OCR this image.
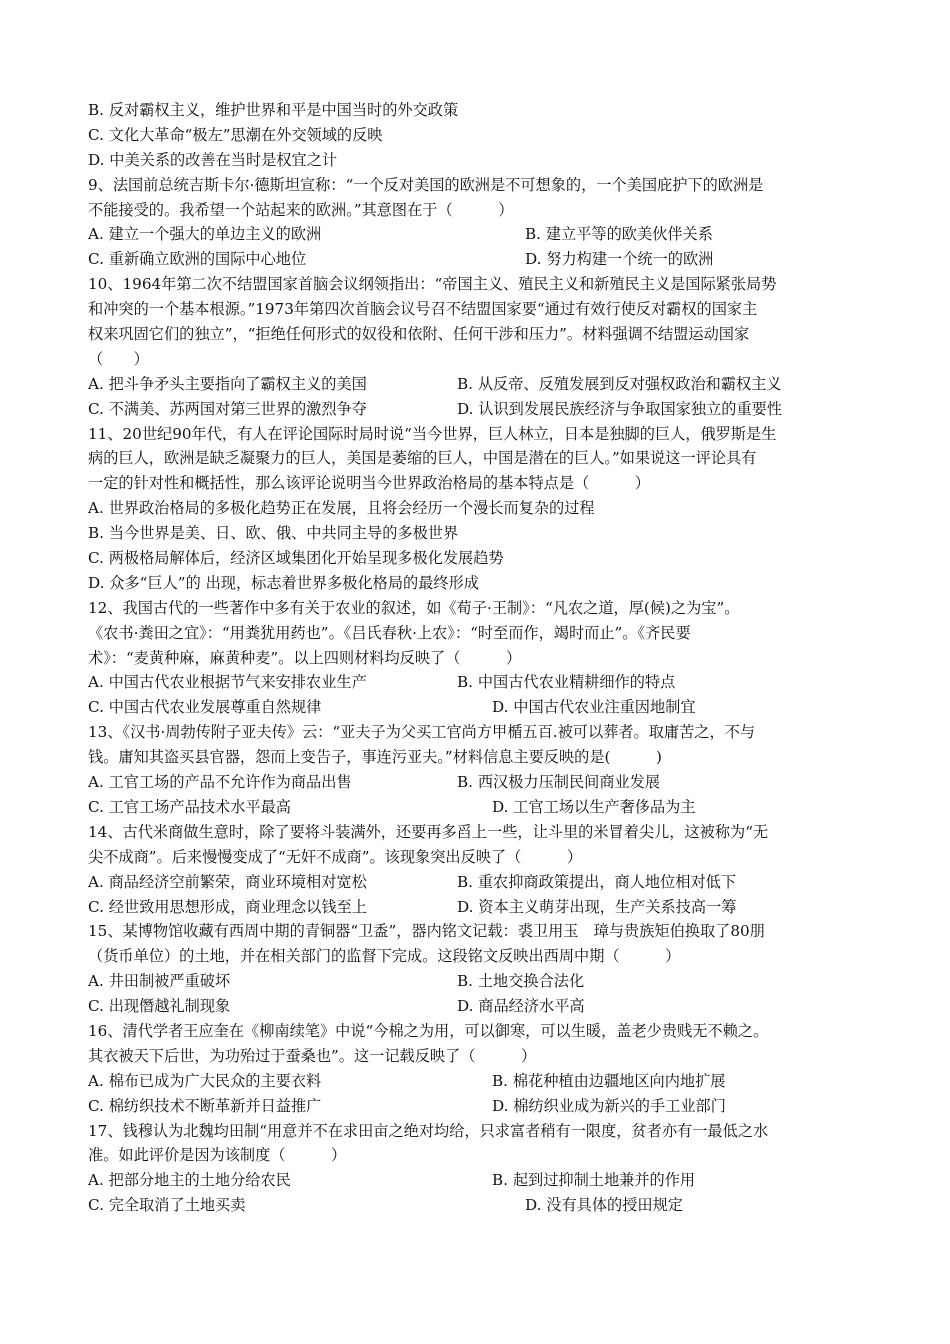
B. 反对霸权主义，维护世界和平是中国当时的外交政策
C. 文化大革命“极左”思潮在外交领域的反映
D. 中美关系的改善在当时是权宜之计
9、法国前总统吉斯卡尔·德斯坦宣称：“一个反对美国的欧洲是不可想象的，一个美国庇护下的欧洲是
不能接受的。我希望一个站起来的欧洲。”其意图在于（　　　）
A. 建立一个强大的单边主义的欧洲	B. 建立平等的欧美伙伴关系
C. 重新确立欧洲的国际中心地位	D. 努力构建一个统一的欧洲
10、1964年第二次不结盟国家首脑会议纲领指出：“帝国主义、殖民主义和新殖民主义是国际紧张局势
和冲突的一个基本根源。”1973年第四次首脑会议号召不结盟国家要“通过有效行使反对霸权的国家主
权来巩固它们的独立”，“拒绝任何形式的奴役和依附、任何干涉和压力”。材料强调不结盟运动国家
（　　）
A. 把斗争矛头主要指向了霸权主义的美国	B. 从反帝、反殖发展到反对强权政治和霸权主义
C. 不满美、苏两国对第三世界的激烈争夺	D. 认识到发展民族经济与争取国家独立的重要性
11、20世纪90年代，有人在评论国际时局时说“当今世界，巨人林立，日本是独脚的巨人，俄罗斯是生
病的巨人，欧洲是缺乏凝聚力的巨人，美国是萎缩的巨人，中国是潜在的巨人。”如果说这一评论具有
一定的针对性和概括性，那么该评论说明当今世界政治格局的基本特点是（　　　）
A. 世界政治格局的多极化趋势正在发展，且将会经历一个漫长而复杂的过程
B. 当今世界是美、日、欧、俄、中共同主导的多极世界
C. 两极格局解体后，经济区域集团化开始呈现多极化发展趋势
D. 众多“巨人”的 出现，标志着世界多极化格局的最终形成
12、我国古代的一些著作中多有关于农业的叙述，如《荀子·王制》：“凡农之道，厚(候)之为宝”。
《农书·粪田之宜》：“用粪犹用药也”。《吕氏春秋·上农》：“时至而作，竭时而止”。《齐民要
术》：“麦黄种麻，麻黄种麦”。以上四则材料均反映了（　　　）
A. 中国古代农业根据节气来安排农业生产	B. 中国古代农业精耕细作的特点
C. 中国古代农业发展尊重自然规律	D. 中国古代农业注重因地制宜
13、《汉书·周勃传附子亚夫传》云：“亚夫子为父买工官尚方甲楯五百.被可以葬者。取庸苦之，不与
钱。庸知其盗买县官器，怨而上变告子，事连污亚夫。”材料信息主要反映的是(　　　)
A. 工官工场的产品不允许作为商品出售	B. 西汉极力压制民间商业发展
C. 工官工场产品技术水平最高	D. 工官工场以生产奢侈品为主
14、古代米商做生意时，除了要将斗装满外，还要再多舀上一些，让斗里的米冒着尖儿，这被称为“无
尖不成商”。后来慢慢变成了“无奸不成商”。该现象突出反映了（　　　）
A. 商品经济空前繁荣，商业环境相对宽松	B. 重农抑商政策提出，商人地位相对低下
C. 经世致用思想形成，商业理念以钱至上	D. 资本主义萌芽出现，生产关系技高一筹
15、某博物馆收藏有西周中期的青铜器“卫盉”，器内铭文记载：裘卫用玉　璋与贵族矩伯换取了80朋
（货币单位）的土地，并在相关部门的监督下完成。这段铭文反映出西周中期（　　　）
A. 井田制被严重破坏	B. 土地交换合法化
C. 出现僭越礼制现象	D. 商品经济水平高
16、清代学者王应奎在《柳南续笔》中说“今棉之为用，可以御寒，可以生暖，盖老少贵贱无不赖之。
其衣被天下后世，为功殆过于蚕桑也”。这一记载反映了（　　　）
A. 棉布已成为广大民众的主要衣料	B. 棉花种植由边疆地区向内地扩展
C. 棉纺织技术不断革新并日益推广	D. 棉纺织业成为新兴的手工业部门
17、钱穆认为北魏均田制“用意并不在求田亩之绝对均给，只求富者稍有一限度，贫者亦有一最低之水
准。如此评价是因为该制度（　　　）
A. 把部分地主的土地分给农民	B. 起到过抑制土地兼并的作用
C. 完全取消了土地买卖	D. 没有具体的授田规定
